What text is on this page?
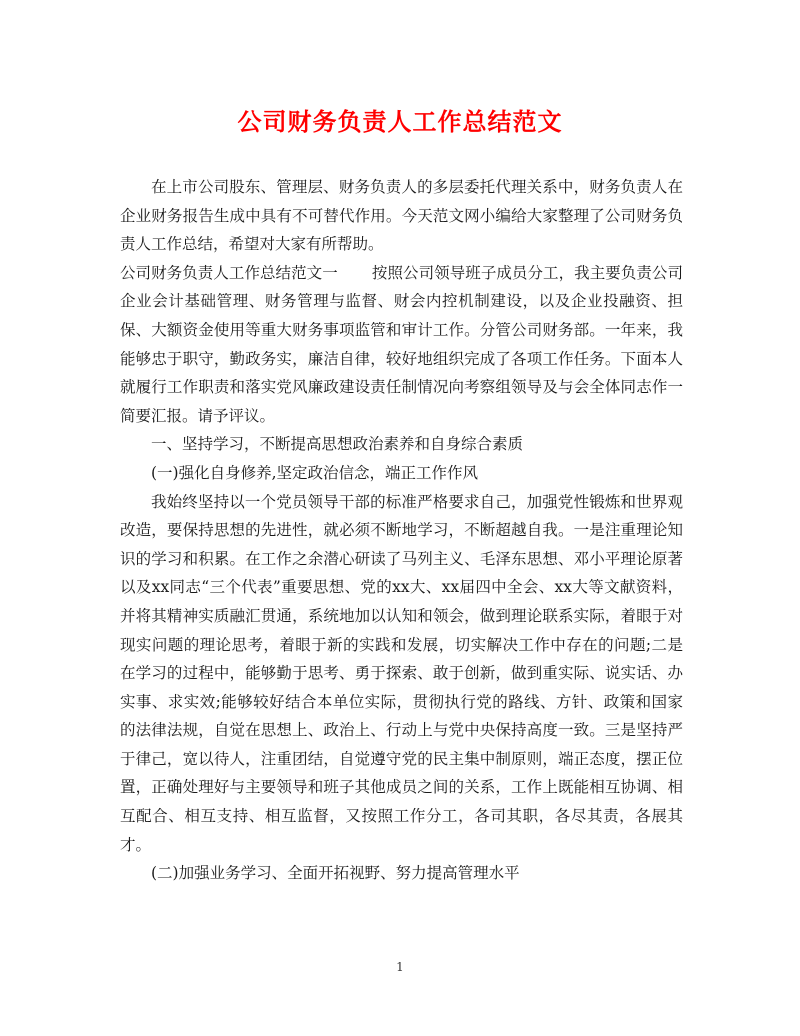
公司财务负责人工作总结范文

在上市公司股东、管理层、财务负责人的多层委托代理关系中，财务负责人在企业财务报告生成中具有不可替代作用。今天范文网小编给大家整理了公司财务负责人工作总结，希望对大家有所帮助。

公司财务负责人工作总结范文一 按照公司领导班子成员分工，我主要负责公司企业会计基础管理、财务管理与监督、财会内控机制建设，以及企业投融资、担保、大额资金使用等重大财务事项监管和审计工作。分管公司财务部。一年来，我能够忠于职守，勤政务实，廉洁自律，较好地组织完成了各项工作任务。下面本人就履行工作职责和落实党风廉政建设责任制情况向考察组领导及与会全体同志作一简要汇报。请予评议。

一、坚持学习，不断提高思想政治素养和自身综合素质

(一)强化自身修养,坚定政治信念，端正工作作风

我始终坚持以一个党员领导干部的标准严格要求自己，加强党性锻炼和世界观改造，要保持思想的先进性，就必须不断地学习，不断超越自我。一是注重理论知识的学习和积累。在工作之余潜心研读了马列主义、毛泽东思想、邓小平理论原著以及xx同志“三个代表”重要思想、党的xx大、xx届四中全会、xx大等文献资料，并将其精神实质融汇贯通，系统地加以认知和领会，做到理论联系实际，着眼于对现实问题的理论思考，着眼于新的实践和发展，切实解决工作中存在的问题;二是在学习的过程中，能够勤于思考、勇于探索、敢于创新，做到重实际、说实话、办实事、求实效;能够较好结合本单位实际，贯彻执行党的路线、方针、政策和国家的法律法规，自觉在思想上、政治上、行动上与党中央保持高度一致。三是坚持严于律己，宽以待人，注重团结，自觉遵守党的民主集中制原则，端正态度，摆正位置，正确处理好与主要领导和班子其他成员之间的关系，工作上既能相互协调、相互配合、相互支持、相互监督，又按照工作分工，各司其职，各尽其责，各展其才。

(二)加强业务学习、全面开拓视野、努力提高管理水平

1
